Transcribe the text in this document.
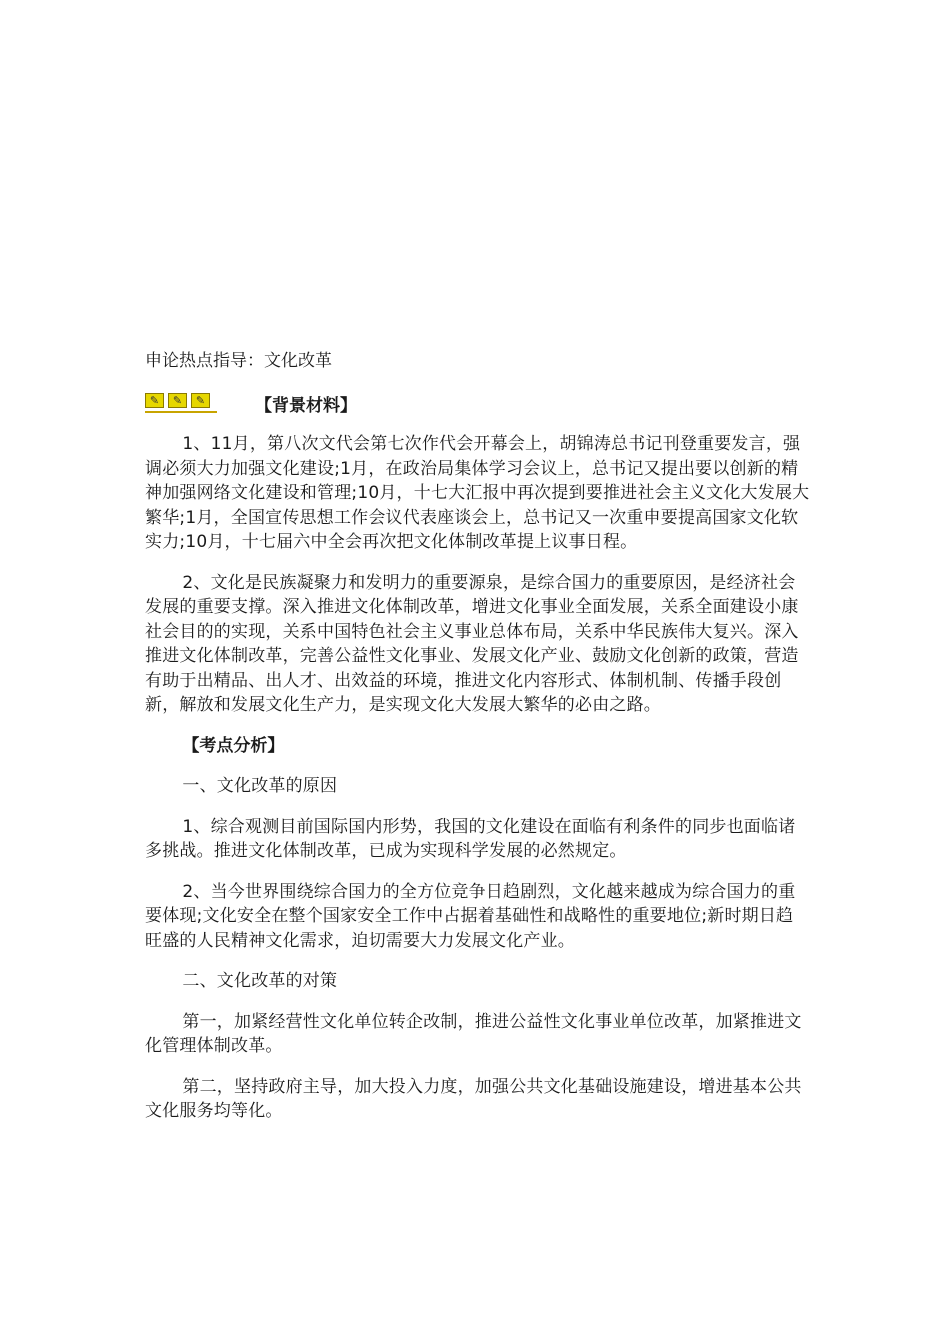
申论热点指导：文化改革
✎	✎	✎	【背景材料】

1、11月，第八次文代会第七次作代会开幕会上，胡锦涛总书记刊登重要发言，强调必须大力加强文化建设;1月，在政治局集体学习会议上，总书记又提出要以创新的精神加强网络文化建设和管理;10月，十七大汇报中再次提到要推进社会主义文化大发展大繁华;1月，全国宣传思想工作会议代表座谈会上，总书记又一次重申要提高国家文化软实力;10月，十七届六中全会再次把文化体制改革提上议事日程。

2、文化是民族凝聚力和发明力的重要源泉，是综合国力的重要原因，是经济社会发展的重要支撑。深入推进文化体制改革，增进文化事业全面发展，关系全面建设小康社会目的的实现，关系中国特色社会主义事业总体布局，关系中华民族伟大复兴。深入推进文化体制改革，完善公益性文化事业、发展文化产业、鼓励文化创新的政策，营造有助于出精品、出人才、出效益的环境，推进文化内容形式、体制机制、传播手段创新，解放和发展文化生产力，是实现文化大发展大繁华的必由之路。

【考点分析】

一、文化改革的原因

1、综合观测目前国际国内形势，我国的文化建设在面临有利条件的同步也面临诸多挑战。推进文化体制改革，已成为实现科学发展的必然规定。

2、当今世界围绕综合国力的全方位竞争日趋剧烈，文化越来越成为综合国力的重要体现;文化安全在整个国家安全工作中占据着基础性和战略性的重要地位;新时期日趋旺盛的人民精神文化需求，迫切需要大力发展文化产业。

二、文化改革的对策

第一，加紧经营性文化单位转企改制，推进公益性文化事业单位改革，加紧推进文化管理体制改革。

第二，坚持政府主导，加大投入力度，加强公共文化基础设施建设，增进基本公共文化服务均等化。
